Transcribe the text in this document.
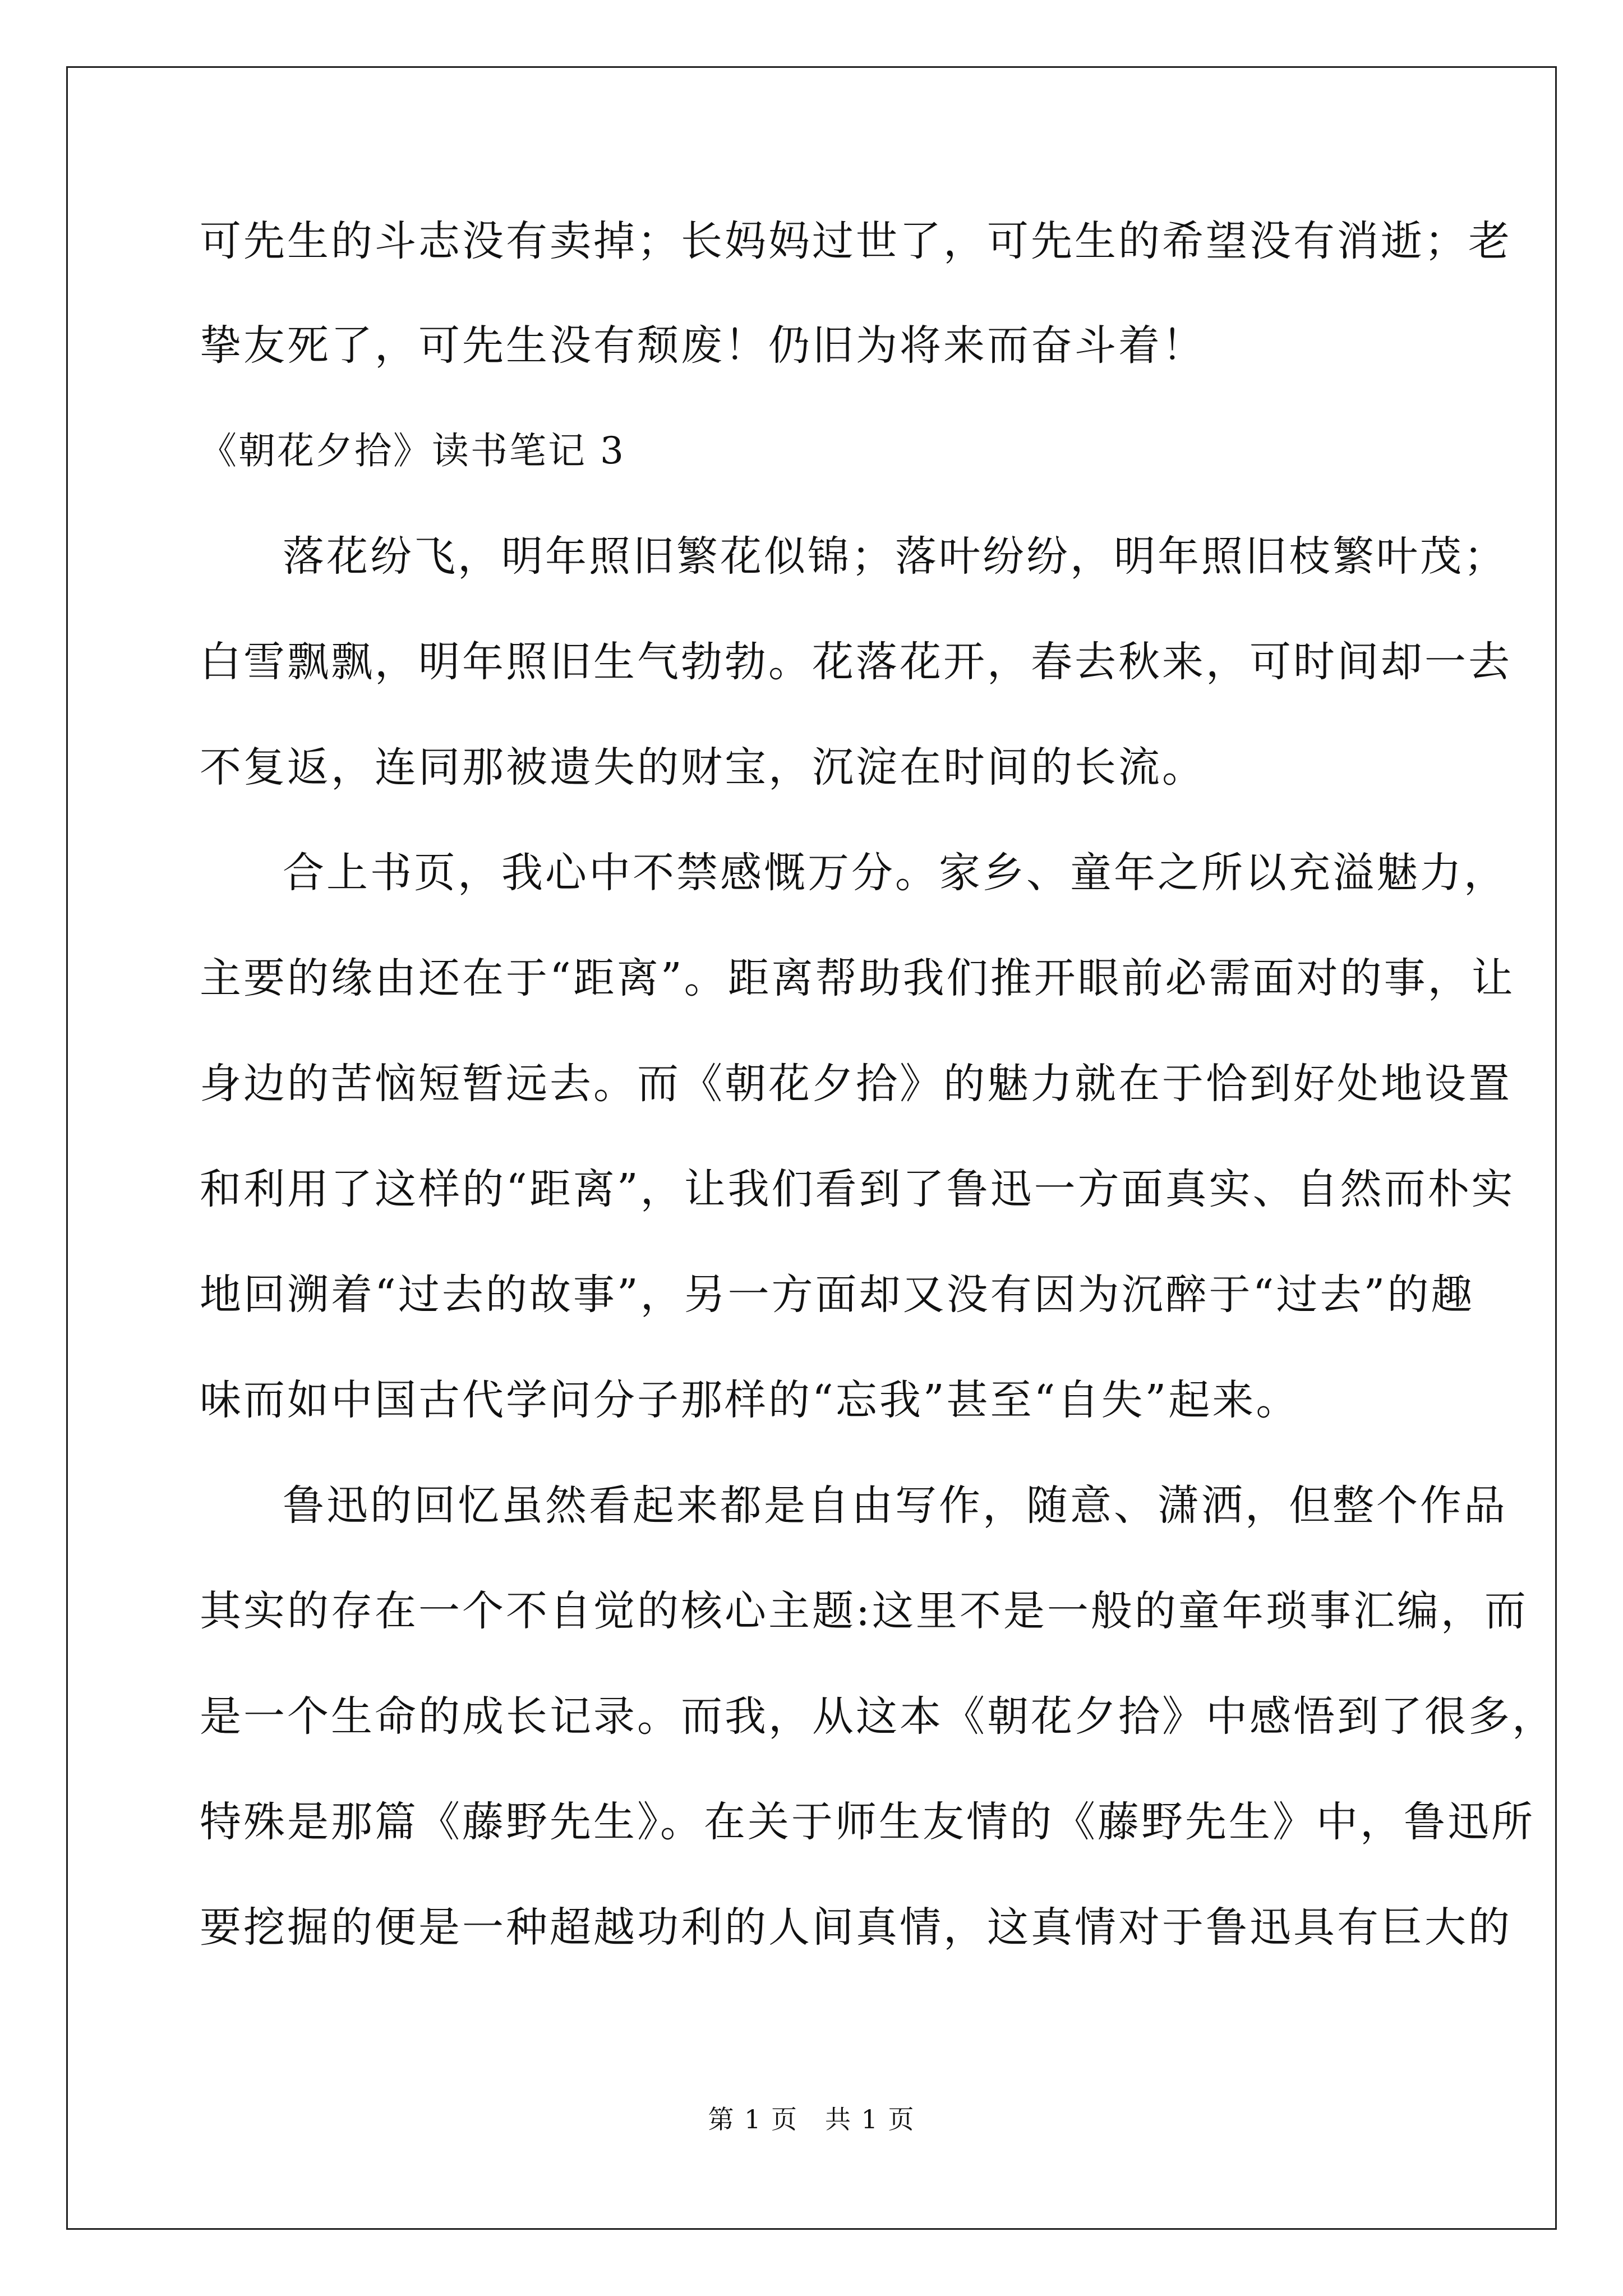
可先生的斗志没有卖掉；长妈妈过世了，可先生的希望没有消逝；老
挚友死了，可先生没有颓废！仍旧为将来而奋斗着！
《朝花夕拾》读书笔记 3
落花纷飞，明年照旧繁花似锦；落叶纷纷，明年照旧枝繁叶茂；
白雪飘飘，明年照旧生气勃勃。花落花开，春去秋来，可时间却一去
不复返，连同那被遗失的财宝，沉淀在时间的长流。
合上书页，我心中不禁感慨万分。家乡、童年之所以充溢魅力，
主要的缘由还在于“距离”。距离帮助我们推开眼前必需面对的事，让
身边的苦恼短暂远去。而《朝花夕拾》的魅力就在于恰到好处地设置
和利用了这样的“距离”，让我们看到了鲁迅一方面真实、自然而朴实
地回溯着“过去的故事”，另一方面却又没有因为沉醉于“过去”的趣
味而如中国古代学问分子那样的“忘我”甚至“自失”起来。
鲁迅的回忆虽然看起来都是自由写作，随意、潇洒，但整个作品
其实的存在一个不自觉的核心主题:这里不是一般的童年琐事汇编，而
是一个生命的成长记录。而我，从这本《朝花夕拾》中感悟到了很多，
特殊是那篇《藤野先生》。在关于师生友情的《藤野先生》中，鲁迅所
要挖掘的便是一种超越功利的人间真情，这真情对于鲁迅具有巨大的
第 1 页　共 1 页
